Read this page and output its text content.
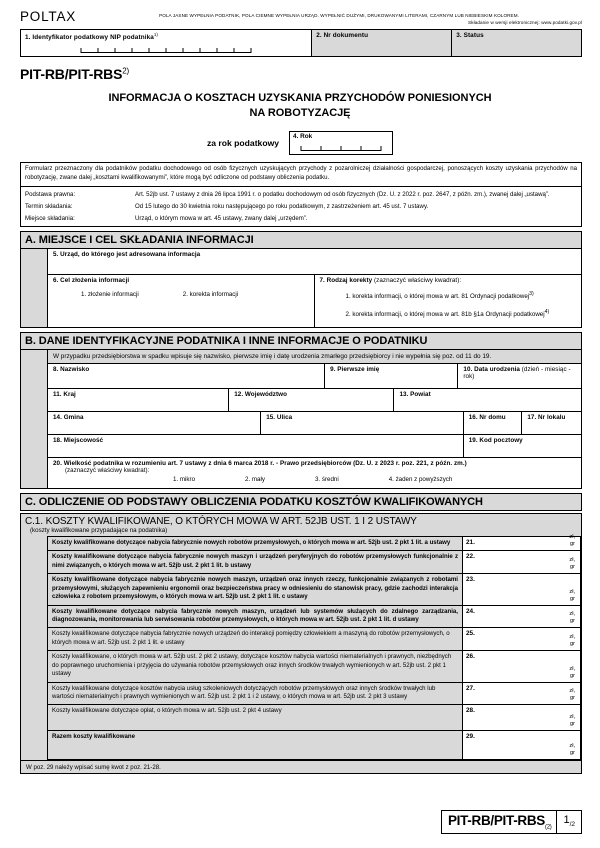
POLTAX	POLA JASNE WYPEŁNIA PODATNIK, POLA CIEMNE WYPEŁNIA URZĄD. WYPEŁNIĆ DUŻYMI, DRUKOWANYMI LITERAMI, CZARNYM LUB NIEBIESKIM KOLOREM.
Składanie w wersji elektronicznej: www.podatki.gov.pl
1. Identyfikator podatkowy NIP podatnika$^{1)}$	2. Nr dokumentu	3. Status
PIT-RB/PIT-RBS$^{2)}$
INFORMACJA O KOSZTACH UZYSKANIA PRZYCHODÓW PONIESIONYCH
NA ROBOTYZACJĘ
za rok podatkowy
4. Rok
Formularz przeznaczony dla podatników podatku dochodowego od osób fizycznych uzyskujących przychody z pozarolniczej działalności gospodarczej, ponoszących koszty uzyskania przychodów na robotyzację, zwane dalej „kosztami kwalifikowanymi”, które mogą być odliczone od podstawy obliczenia podatku.
Podstawa prawna:	Art. 52jb ust. 7 ustawy z dnia 26 lipca 1991 r. o podatku dochodowym od osób fizycznych (Dz. U. z 2022 r. poz. 2647, z późn. zm.), zwanej dalej „ustawą”.
Termin składania:	Od 15 lutego do 30 kwietnia roku następującego po roku podatkowym, z zastrzeżeniem art. 45 ust. 7 ustawy.
Miejsce składania:	Urząd, o którym mowa w art. 45 ustawy, zwany dalej „urzędem”.
A. MIEJSCE I CEL SKŁADANIA INFORMACJI
5. Urząd, do którego jest adresowana informacja
6. Cel złożenia informacji
1. złożenie informacji	2. korekta informacji
7. Rodzaj korekty (zaznaczyć właściwy kwadrat):
1. korekta informacji, o której mowa w art. 81 Ordynacji podatkowej$^{3)}$
2. korekta informacji, o której mowa w art. 81b §1a Ordynacji podatkowej$^{4)}$
B. DANE IDENTYFIKACYJNE PODATNIKA I INNE INFORMACJE O PODATNIKU
W przypadku przedsiębiorstwa w spadku wpisuje się nazwisko, pierwsze imię i datę urodzenia zmarłego przedsiębiorcy i nie wypełnia się poz. od 11 do 19.
8. Nazwisko	9. Pierwsze imię	10. Data urodzenia (dzień - miesiąc - rok)
11. Kraj	12. Województwo	13. Powiat
14. Gmina	15. Ulica	16. Nr domu	17. Nr lokalu
18. Miejscowość	19. Kod pocztowy
20. Wielkość podatnika w rozumieniu art. 7 ustawy z dnia 6 marca 2018 r. - Prawo przedsiębiorców (Dz. U. z 2023 r. poz. 221, z późn. zm.)
(zaznaczyć właściwy kwadrat):
1. mikro	2. mały	3. średni	4. żaden z powyższych
C. ODLICZENIE OD PODSTAWY OBLICZENIA PODATKU KOSZTÓW KWALIFIKOWANYCH
C.1. KOSZTY KWALIFIKOWANE, O KTÓRYCH MOWA W ART. 52JB UST. 1 I 2 USTAWY
(koszty kwalifikowane przypadające na podatnika)
Koszty kwalifikowane dotyczące nabycia fabrycznie nowych robotów przemysłowych, o których mowa w art. 52jb ust. 2 pkt 1 lit. a ustawy	21.
zł,
gr

Koszty kwalifikowane dotyczące nabycia fabrycznie nowych maszyn i urządzeń peryferyjnych do robotów przemysłowych funkcjonalnie z nimi związanych, o których mowa w art. 52jb ust. 2 pkt 1 lit. b ustawy	22. zł,
gr

Koszty kwalifikowane dotyczące nabycia fabrycznie nowych maszyn, urządzeń oraz innych rzeczy, funkcjonalnie związanych z robotami przemysłowymi, służących zapewnieniu ergonomii oraz bezpieczeństwa pracy w odniesieniu do stanowisk pracy, gdzie zachodzi interakcja człowieka z robotem przemysłowym, o których mowa w art. 52jb ust. 2 pkt 1 lit. c ustawy	
23.
zł,
gr

Koszty kwalifikowane dotyczące nabycia fabrycznie nowych maszyn, urządzeń lub systemów służących do zdalnego zarządzania, diagnozowania, monitorowania lub serwisowania robotów przemysłowych, o których mowa w art. 52jb ust. 2 pkt 1 lit. d ustawy	
24.	zł,
gr

Koszty kwalifikowane dotyczące nabycia fabrycznie nowych urządzeń do interakcji pomiędzy człowiekiem a maszyną do robotów przemysłowych, o których mowa w art. 52jb ust. 2 pkt 1 lit. e ustawy	25. zł,
gr

Koszty kwalifikowane, o których mowa w art. 52jb ust. 2 pkt 2 ustawy, dotyczące kosztów nabycia wartości niematerialnych i prawnych, niezbędnych do poprawnego uruchomienia i przyjęcia do używania robotów przemysłowych oraz innych środków trwałych wymienionych w art. 52jb ust. 2 pkt 1 ustawy	
26.
zł,
gr

Koszty kwalifikowane dotyczące kosztów nabycia usług szkoleniowych dotyczących robotów przemysłowych oraz innych środków trwałych lub wartości niematerialnych i prawnych wymienionych w art. 52jb ust. 2 pkt 1 i 2 ustawy, o których mowa w art. 52jb ust. 2 pkt 3 ustawy	
27.	zł,
gr

Koszty kwalifikowane dotyczące opłat, o których mowa w art. 52jb ust. 2 pkt 4 ustawy	28.
zł,
gr

Razem koszty kwalifikowane	29.
zł,
gr
W poz. 29 należy wpisać sumę kwot z poz. 21-28.
PIT-$RB/PIT-RBS_{(2)}$
$1_{/2}$
